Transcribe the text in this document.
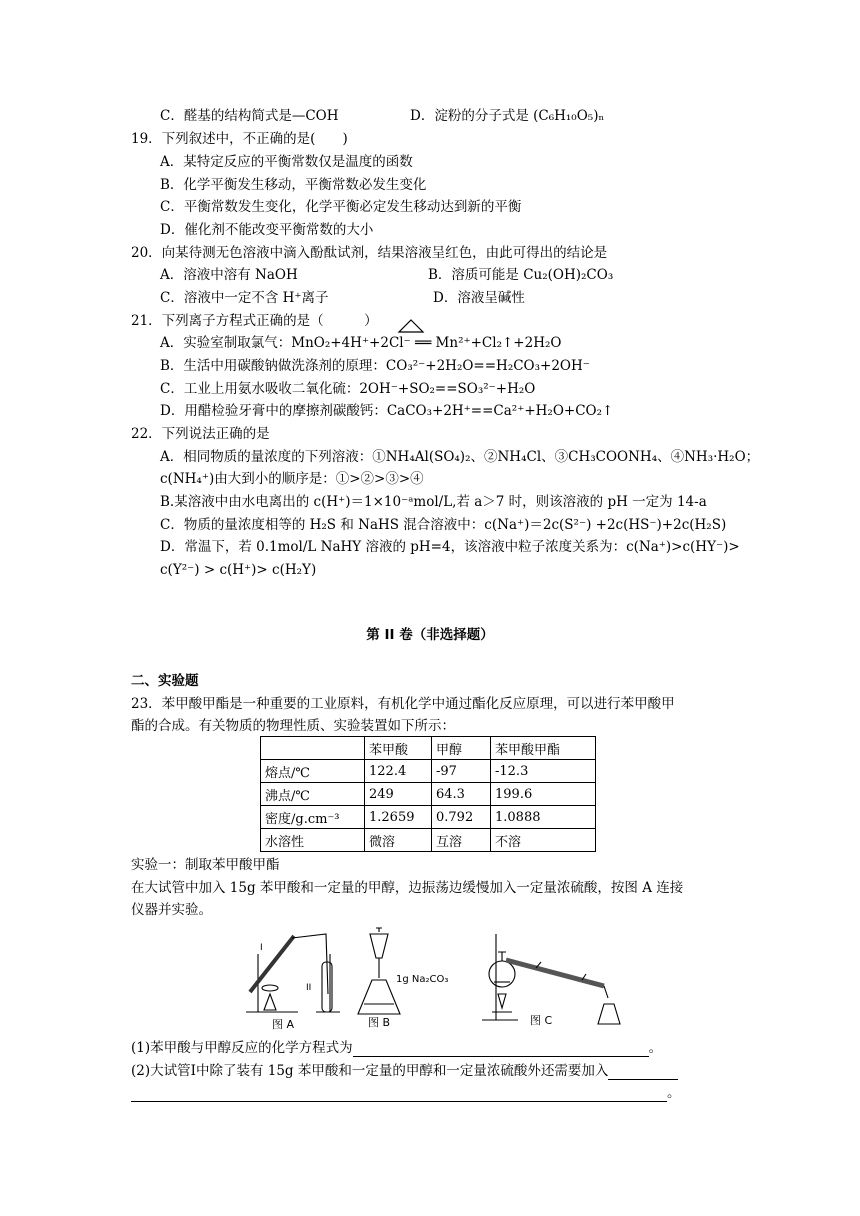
C．醛基的结构简式是—COH	D．淀粉的分子式是 (C₆H₁₀O₅)ₙ
19．下列叙述中，不正确的是(　　)
A．某特定反应的平衡常数仅是温度的函数
B．化学平衡发生移动，平衡常数必发生变化
C．平衡常数发生变化，化学平衡必定发生移动达到新的平衡
D．催化剂不能改变平衡常数的大小
20．向某待测无色溶液中滴入酚酞试剂，结果溶液呈红色，由此可得出的结论是
A．溶液中溶有 NaOH	B．溶质可能是 Cu₂(OH)₂CO₃
C．溶液中一定不含 H⁺离子	D．溶液呈碱性
21．下列离子方程式正确的是（　　　）
A．实验室制取氯气：MnO₂+4H⁺+2Cl⁻ ══ Mn²⁺+Cl₂↑+2H₂O
B．生活中用碳酸钠做洗涤剂的原理：CO₃²⁻+2H₂O==H₂CO₃+2OH⁻
C．工业上用氨水吸收二氧化硫：2OH⁻+SO₂==SO₃²⁻+H₂O
D．用醋检验牙膏中的摩擦剂碳酸钙：CaCO₃+2H⁺==Ca²⁺+H₂O+CO₂↑
22．下列说法正确的是
A．相同物质的量浓度的下列溶液：①NH₄Al(SO₄)₂、②NH₄Cl、③CH₃COONH₄、④NH₃·H₂O；
c(NH₄⁺)由大到小的顺序是：①>②>③>④
B.某溶液中由水电离出的 c(H⁺)＝1×10⁻ᵃmol/L,若 a＞7 时，则该溶液的 pH 一定为 14-a
C．物质的量浓度相等的 H₂S 和 NaHS 混合溶液中：c(Na⁺)＝2c(S²⁻) +2c(HS⁻)+2c(H₂S)
D．常温下，若 0.1mol/L NaHY 溶液的 pH=4，该溶液中粒子浓度关系为：c(Na⁺)>c(HY⁻)>
c(Y²⁻) > c(H⁺)> c(H₂Y)
第 II 卷（非选择题）
二、实验题
23．苯甲酸甲酯是一种重要的工业原料，有机化学中通过酯化反应原理，可以进行苯甲酸甲
酯的合成。有关物质的物理性质、实验装置如下所示：
	苯甲酸	甲醇	苯甲酸甲酯
熔点/℃	122.4	-97	-12.3
沸点/℃	249	64.3	199.6
密度/g.cm⁻³	1.2659	0.792	1.0888
水溶性	微溶	互溶	不溶
实验一：制取苯甲酸甲酯
在大试管中加入 15g 苯甲酸和一定量的甲醇，边振荡边缓慢加入一定量浓硫酸，按图 A 连接
仪器并实验。
I
II
1g Na₂CO₃
图 A	图 B	图 C
(1)苯甲酸与甲醇反应的化学方程式为	。
(2)大试管Ⅰ中除了装有 15g 苯甲酸和一定量的甲醇和一定量浓硫酸外还需要加入
。
